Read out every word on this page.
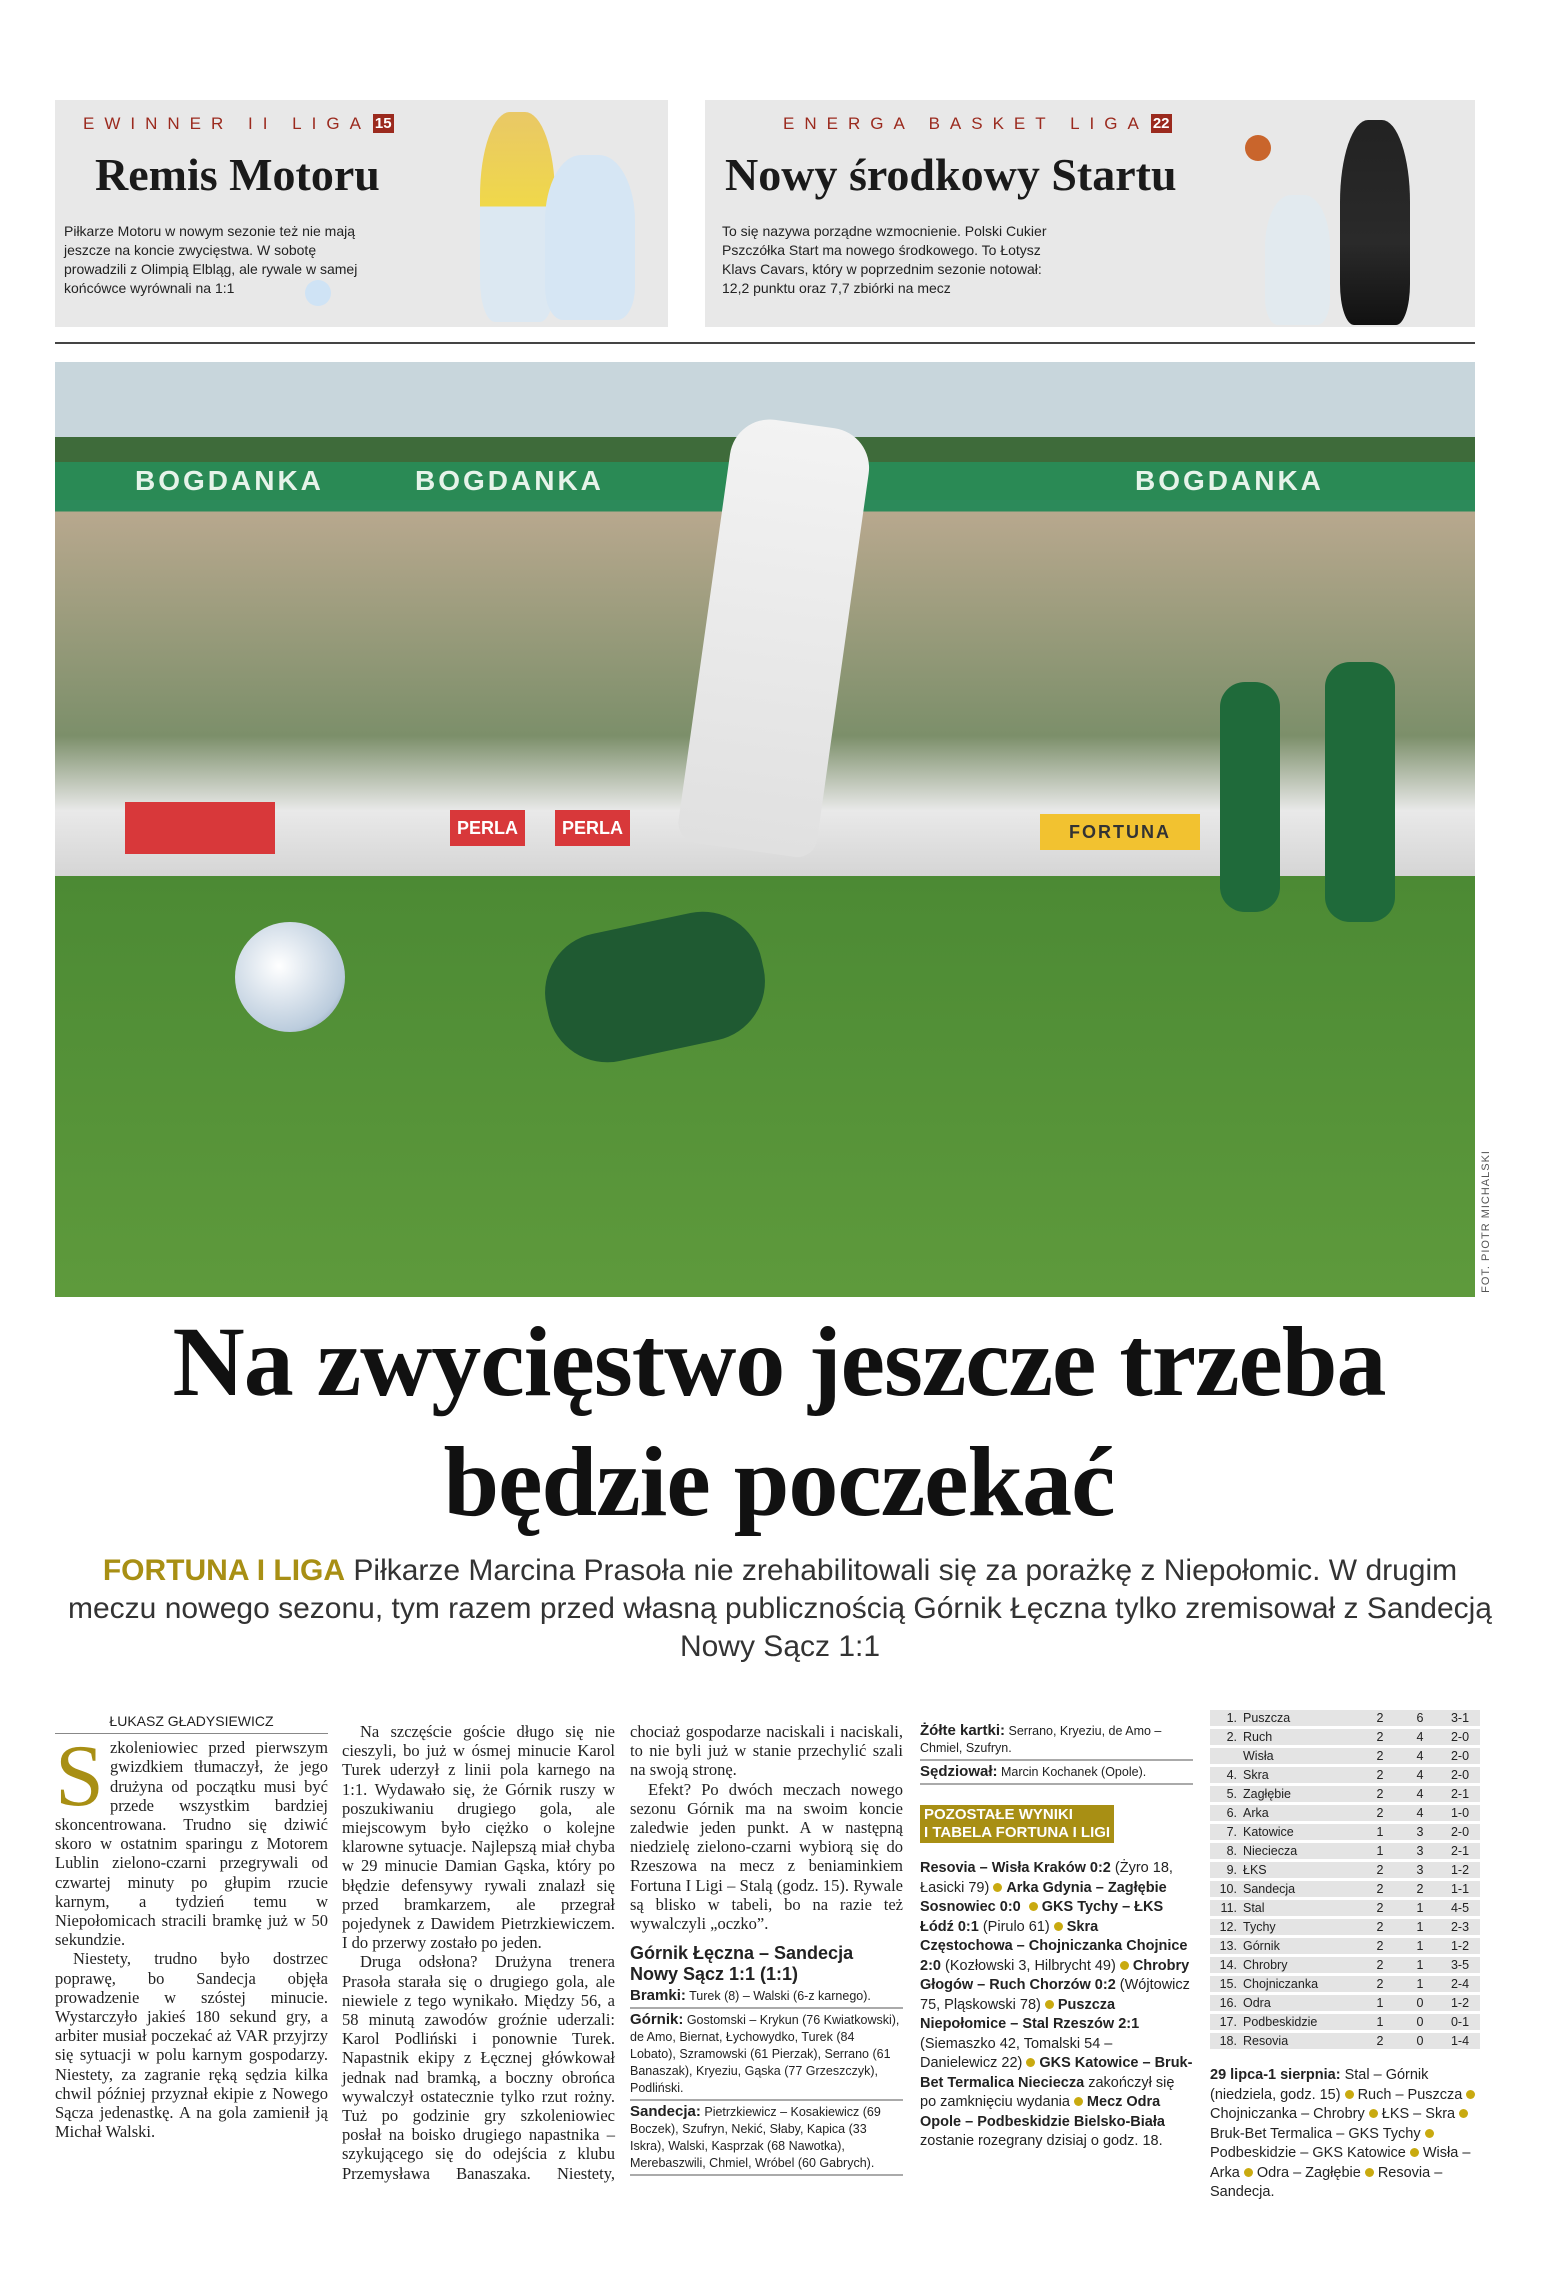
EWINNER II LIGA 15
Remis Motoru
Piłkarze Motoru w nowym sezonie też nie mają jeszcze na koncie zwycięstwa. W sobotę prowadzili z Olimpią Elbląg, ale rywale w samej końcówce wyrównali na 1:1
ENERGA BASKET LIGA 22
Nowy środkowy Startu
To się nazywa porządne wzmocnienie. Polski Cukier Pszczółka Start ma nowego środkowego. To Łotysz Klavs Cavars, który w poprzednim sezonie notował: 12,2 punktu oraz 7,7 zbiórki na mecz
BOGDANKA	BOGDANKA	BOGDANKA
PERLA	PERLA	FORTUNA
FOT. PIOTR MICHALSKI
Na zwycięstwo jeszcze trzeba
będzie poczekać
FORTUNA I LIGA Piłkarze Marcina Prasoła nie zrehabilitowali się za porażkę z Niepołomic. W drugim meczu nowego sezonu, tym razem przed własną publicznością Górnik Łęczna tylko zremisował z Sandecją Nowy Sącz 1:1
ŁUKASZ GŁADYSIEWICZ
Szkoleniowiec przed pierwszym gwizdkiem tłumaczył, że jego drużyna od początku musi być przede wszystkim bardziej skoncentrowana. Trudno się dziwić skoro w ostatnim sparingu z Motorem Lublin zielono-czarni przegrywali od czwartej minuty po głupim rzucie karnym, a tydzień temu w Niepołomicach stracili bramkę już w 50 sekundzie.

Niestety, trudno było dostrzec poprawę, bo Sandecja objęła prowadzenie w szóstej minucie. Wystarczyło jakieś 180 sekund gry, a arbiter musiał poczekać aż VAR przyjrzy się sytuacji w polu karnym gospodarzy. Niestety, za zagranie ręką sędzia kilka chwil później przyznał ekipie z Nowego Sącza jedenastkę. A na gola zamienił ją Michał Walski.

Na szczęście goście długo się nie cieszyli, bo już w ósmej minucie Karol Turek uderzył z linii pola karnego na 1:1. Wydawało się, że Górnik ruszy w poszukiwaniu drugiego gola, ale miejscowym było ciężko o kolejne klarowne sytuacje. Najlepszą miał chyba w 29 minucie Damian Gąska, który po błędzie defensywy rywali znalazł się przed bramkarzem, ale przegrał pojedynek z Dawidem Pietrzkiewiczem. I do przerwy zostało po jeden.

Druga odsłona? Drużyna trenera Prasoła starała się o drugiego gola, ale niewiele z tego wynikało. Między 56, a 58 minutą zawodów groźnie uderzali: Karol Podliński i ponownie Turek. Napastnik ekipy z Łęcznej główkował jednak nad bramką, a boczny obrońca wywalczył ostatecznie tylko rzut rożny. Tuż po godzinie gry szkoleniowiec posłał na boisko drugiego napastnika – szykującego się do odejścia z klubu Przemysława Banaszaka. Niestety, chociaż gospodarze naciskali i naciskali, to nie byli już w stanie przechylić szali na swoją stronę.

Efekt? Po dwóch meczach nowego sezonu Górnik ma na swoim koncie zaledwie jeden punkt. A w następną niedzielę zielono-czarni wybiorą się do Rzeszowa na mecz z beniaminkiem Fortuna I Ligi – Stalą (godz. 15). Rywale są blisko w tabeli, bo na razie też wywalczyli „oczko”.

Górnik Łęczna – Sandecja Nowy Sącz 1:1 (1:1)
Bramki: Turek (8) – Walski (6-z karnego).
Górnik: Gostomski – Krykun (76 Kwiatkowski), de Amo, Biernat, Łychowydko, Turek (84 Lobato), Szramowski (61 Pierzak), Serrano (61 Banaszak), Kryeziu, Gąska (77 Grzeszczyk), Podliński.
Sandecja: Pietrzkiewicz – Kosakiewicz (69 Boczek), Szufryn, Nekić, Słaby, Kapica (33 Iskra), Walski, Kasprzak (68 Nawotka), Merebaszwili, Chmiel, Wróbel (60 Gabrych).
Żółte kartki: Serrano, Kryeziu, de Amo – Chmiel, Szufryn.
Sędziował: Marcin Kochanek (Opole).
POZOSTAŁE WYNIKI
I TABELA FORTUNA I LIGI
Resovia – Wisła Kraków 0:2 (Żyro 18, Łasicki 79) Arka Gdynia – Zagłębie Sosnowiec 0:0 GKS Tychy – ŁKS Łódź 0:1 (Pirulo 61) Skra Częstochowa – Chojniczanka Chojnice 2:0 (Kozłowski 3, Hilbrycht 49) Chrobry Głogów – Ruch Chorzów 0:2 (Wójtowicz 75, Pląskowski 78) Puszcza Niepołomice – Stal Rzeszów 2:1 (Siemaszko 42, Tomalski 54 – Danielewicz 22) GKS Katowice – Bruk-Bet Termalica Nieciecza zakończył się po zamknięciu wydania Mecz Odra Opole – Podbeskidzie Bielsko-Biała zostanie rozegrany dzisiaj o godz. 18.
1.	Puszcza	2	6	3-1
2.	Ruch	2	4	2-0
	Wisła	2	4	2-0
4.	Skra	2	4	2-0
5.	Zagłębie	2	4	2-1
6.	Arka	2	4	1-0
7.	Katowice	1	3	2-0
8.	Nieciecza	1	3	2-1
9.	ŁKS	2	3	1-2
10.	Sandecja	2	2	1-1
11.	Stal	2	1	4-5
12.	Tychy	2	1	2-3
13.	Górnik	2	1	1-2
14.	Chrobry	2	1	3-5
15.	Chojniczanka	2	1	2-4
16.	Odra	1	0	1-2
17.	Podbeskidzie	1	0	0-1
18.	Resovia	2	0	1-4
29 lipca-1 sierpnia: Stal – Górnik (niedziela, godz. 15) Ruch – PuszczaChojniczanka – Chrobry ŁKS – SkraBruk-Bet Termalica – GKS TychyPodbeskidzie – GKS Katowice Wisła – Arka Odra – Zagłębie Resovia – Sandecja.
